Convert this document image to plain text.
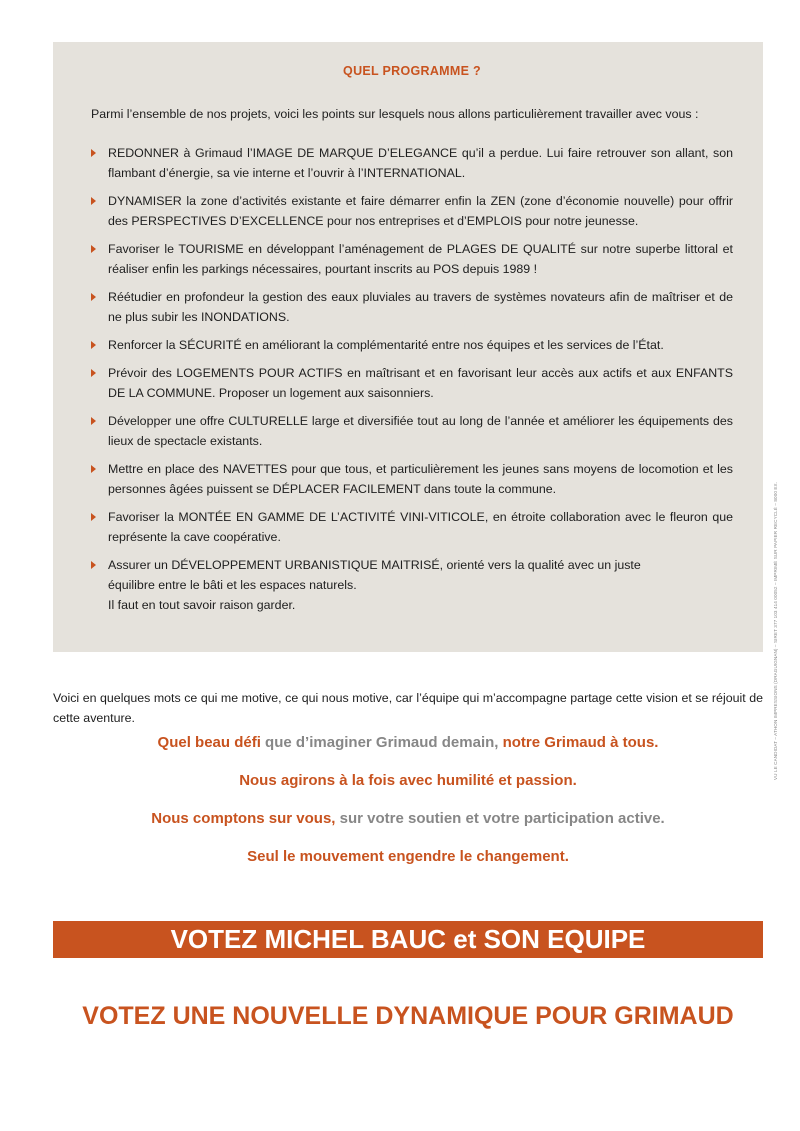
QUEL PROGRAMME ?

Parmi l’ensemble de nos projets, voici les points sur lesquels nous allons particulièrement travailler avec vous :

REDONNER à Grimaud l’IMAGE DE MARQUE D’ELEGANCE qu’il a perdue. Lui faire retrouver son allant, son flambant d’énergie, sa vie interne et l’ouvrir à l’INTERNATIONAL.
DYNAMISER la zone d’activités existante et faire démarrer enfin la ZEN (zone d’économie nouvelle) pour offrir des PERSPECTIVES D’EXCELLENCE pour nos entreprises et d’EMPLOIS pour notre jeunesse.
Favoriser le TOURISME en développant l’aménagement de PLAGES DE QUALITÉ sur notre superbe littoral et réaliser enfin les parkings nécessaires, pourtant inscrits au POS depuis 1989 !
Réétudier en profondeur la gestion des eaux pluviales au travers de systèmes novateurs afin de maîtriser et de ne plus subir les INONDATIONS.
Renforcer la SÉCURITÉ en améliorant la complémentarité entre nos équipes et les services de l’État.
Prévoir des LOGEMENTS POUR ACTIFS en maîtrisant et en favorisant leur accès aux actifs et aux ENFANTS DE LA COMMUNE. Proposer un logement aux saisonniers.
Développer une offre CULTURELLE large et diversifiée tout au long de l’année et améliorer les équipements des lieux de spectacle existants.
Mettre en place des NAVETTES pour que tous, et particulièrement les jeunes sans moyens de locomotion et les personnes âgées puissent se DÉPLACER FACILEMENT dans toute la commune.
Favoriser la MONTÉE EN GAMME DE L’ACTIVITÉ VINI-VITICOLE, en étroite collaboration avec le fleuron que représente la cave coopérative.
Assurer un DÉVELOPPEMENT URBANISTIQUE MAITRISÉ, orienté vers la qualité avec un juste
équilibre entre le bâti et les espaces naturels.
Il faut en tout savoir raison garder.	VU LE CANDIDAT – ATHON IMPRESSIONS (DRAGUIGNAN) – SIRET 377 103 414 00052 – IMPRIMÉ SUR PAPIER RECYCLÉ – 8000 EX.

Voici en quelques mots ce qui me motive, ce qui nous motive, car l’équipe qui m’accompagne partage cette vision et se réjouit de cette aventure.

Quel beau défi que d’imaginer Grimaud demain, notre Grimaud à tous.

Nous agirons à la fois avec humilité et passion.

Nous comptons sur vous, sur votre soutien et votre participation active.

Seul le mouvement engendre le changement.

VOTEZ MICHEL BAUC et SON EQUIPE
VOTEZ UNE NOUVELLE DYNAMIQUE POUR GRIMAUD
